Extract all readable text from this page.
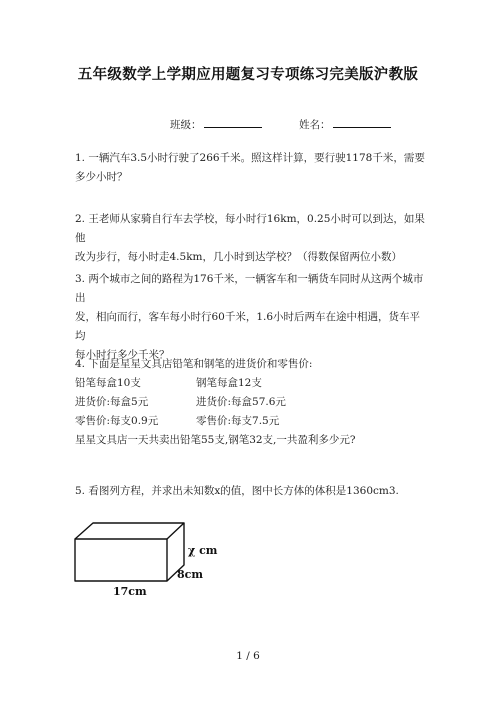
五年级数学上学期应用题复习专项练习完美版沪教版
班级：	姓名：
1. 一辆汽车3.5小时行驶了266千米。照这样计算，要行驶1178千米，需要
多少小时？
2. 王老师从家骑自行车去学校，每小时行16km，0.25小时可以到达，如果他
改为步行，每小时走4.5km，几小时到达学校？（得数保留两位小数）
3. 两个城市之间的路程为176千米，一辆客车和一辆货车同时从这两个城市出
发，相向而行，客车每小时行60千米，1.6小时后两车在途中相遇，货车平均
每小时行多少千米？
4. 下面是星星文具店铅笔和钢笔的进货价和零售价:
铅笔每盒10支	钢笔每盒12支
进货价:每盒5元	进货价:每盒57.6元
零售价:每支0.9元	零售价:每支7.5元
星星文具店一天共卖出铅笔55支,钢笔32支,一共盈利多少元?
5. 看图列方程，并求出未知数x的值，图中长方体的体积是1360cm3.
χ cm
8cm
17cm
1 / 6
